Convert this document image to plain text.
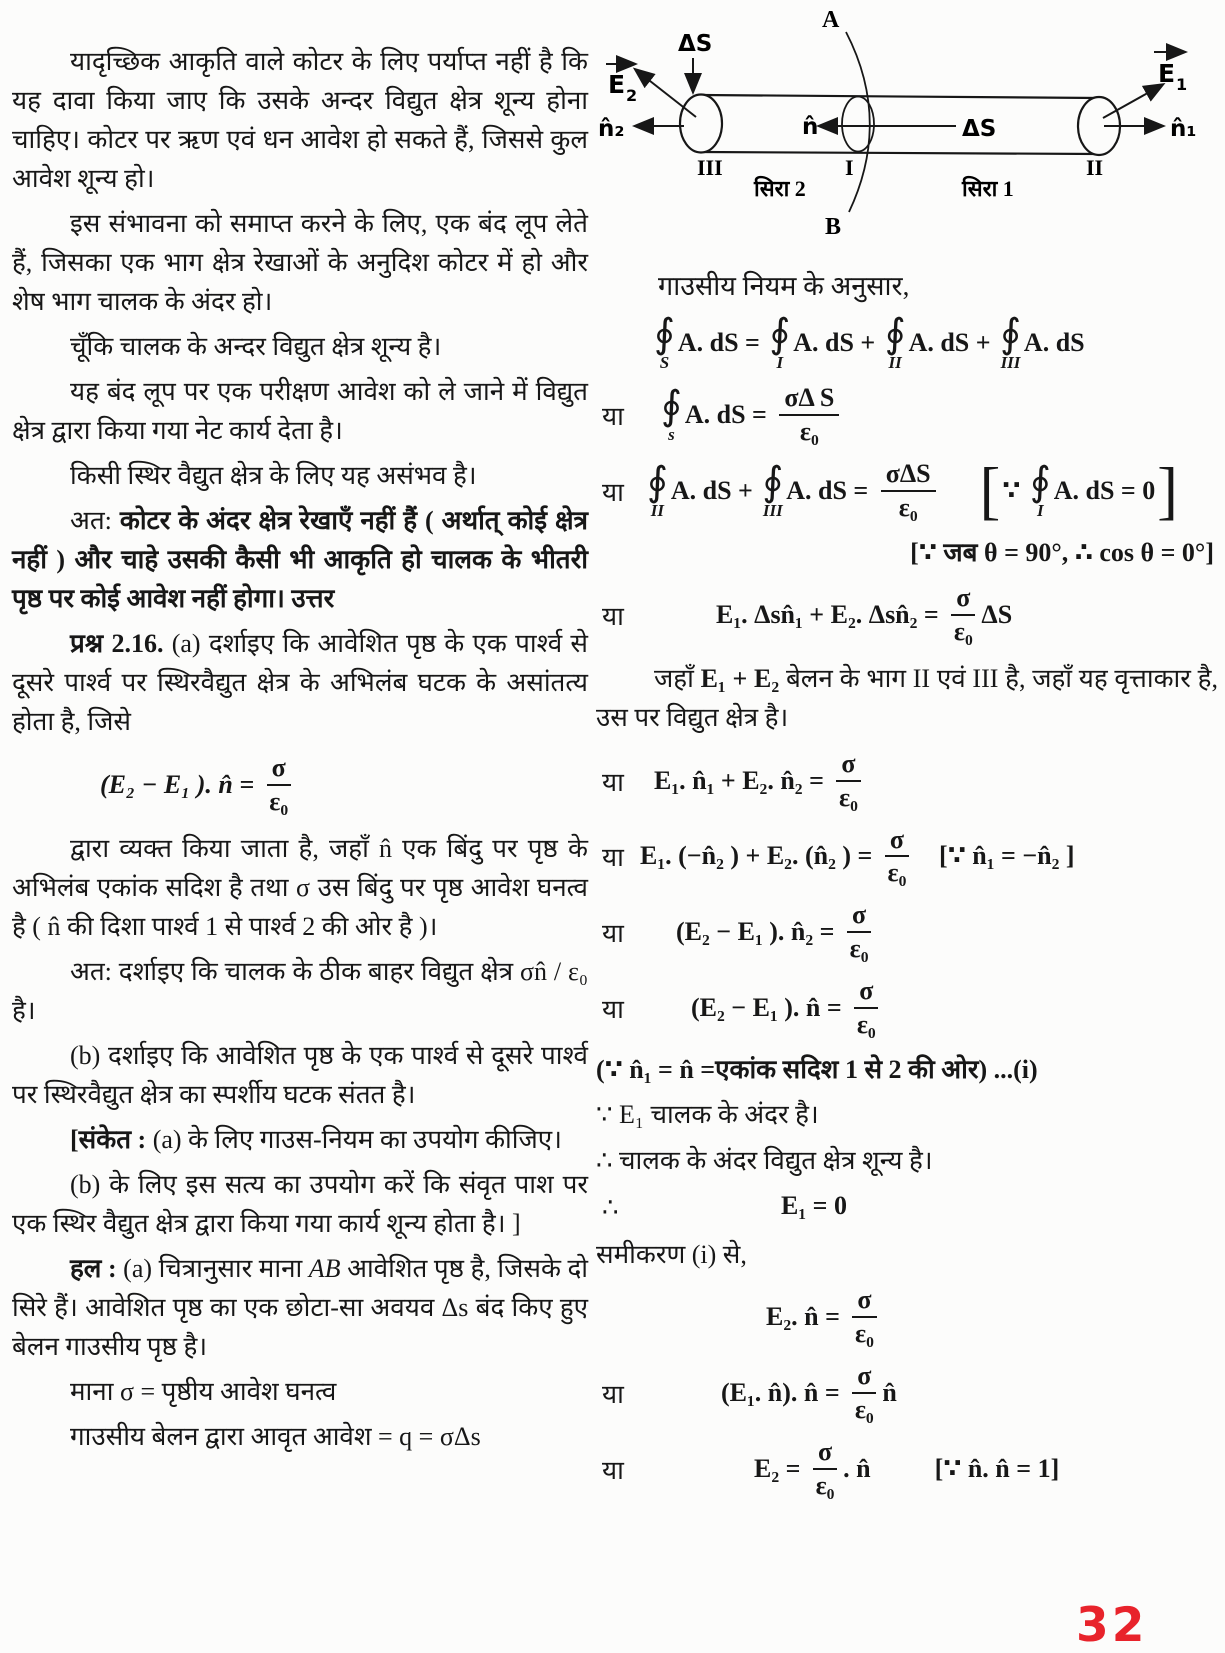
यादृच्छिक आकृति वाले कोटर के लिए पर्याप्त नहीं है कि यह दावा किया जाए कि उसके अन्दर विद्युत क्षेत्र शून्य होना चाहिए। कोटर पर ऋण एवं धन आवेश हो सकते हैं, जिससे कुल आवेश शून्य हो।
इस संभावना को समाप्त करने के लिए, एक बंद लूप लेते हैं, जिसका एक भाग क्षेत्र रेखाओं के अनुदिश कोटर में हो और शेष भाग चालक के अंदर हो।
चूँकि चालक के अन्दर विद्युत क्षेत्र शून्य है।
यह बंद लूप पर एक परीक्षण आवेश को ले जाने में विद्युत क्षेत्र द्वारा किया गया नेट कार्य देता है।
किसी स्थिर वैद्युत क्षेत्र के लिए यह असंभव है।
अत: कोटर के अंदर क्षेत्र रेखाएँ नहीं हैं ( अर्थात् कोई क्षेत्र नहीं ) और चाहे उसकी कैसी भी आकृति हो चालक के भीतरी पृष्ठ पर कोई आवेश नहीं होगा। उत्तर
प्रश्न 2.16. (a) दर्शाइए कि आवेशित पृष्ठ के एक पार्श्व से दूसरे पार्श्व पर स्थिरवैद्युत क्षेत्र के अभिलंब घटक के असांतत्य होता है, जिसे
(E₂ − E₁ ). n̂ = $\frac{\sigma}{\text{ε₀}}$
द्वारा व्यक्त किया जाता है, जहाँ n̂ एक बिंदु पर पृष्ठ के अभिलंब एकांक सदिश है तथा σ उस बिंदु पर पृष्ठ आवेश घनत्व है ( n̂ की दिशा पार्श्व 1 से पार्श्व 2 की ओर है )।
अत: दर्शाइए कि चालक के ठीक बाहर विद्युत क्षेत्र σn̂ / ε₀ है।
(b) दर्शाइए कि आवेशित पृष्ठ के एक पार्श्व से दूसरे पार्श्व पर स्थिरवैद्युत क्षेत्र का स्पर्शीय घटक संतत है।
[संकेत : (a) के लिए गाउस-नियम का उपयोग कीजिए।
(b) के लिए इस सत्य का उपयोग करें कि संवृत पाश पर एक स्थिर वैद्युत क्षेत्र द्वारा किया गया कार्य शून्य होता है। ]
हल : (a) चित्रानुसार माना AB आवेशित पृष्ठ है, जिसके दो सिरे हैं। आवेशित पृष्ठ का एक छोटा-सा अवयव Δs बंद किए हुए बेलन गाउसीय पृष्ठ है।
माना σ = पृष्ठीय आवेश घनत्व
गाउसीय बेलन द्वारा आवृत आवेश = q = σΔs
A
B
ΔS
E 2
n̂₂	n̂	ΔS
III	I	II
सिरा 2	सिरा 1
E 1
n̂₁
गाउसीय नियम के अनुसार,
∮
S
A. dS = ∮
I
A. dS + ∮
II
A. dS + ∮
III
A. dS
या ∮
s
A. dS = $\frac{\text{σΔ S}}{\text{ε₀}}$
या ∮
II
A. dS + ∮
III
A. dS = $\frac{\text{σΔS}}{\text{ε₀}}$ [ ∵ ∮
I
A. dS = 0 ]
[∵ जब θ = 90°, ∴ cos θ = 0°]
या	E₁. Δsn̂₁ + E₂. Δsn̂₂ = $\frac{\sigma}{\text{ε₀}}$ ΔS
जहाँ E₁ + E₂ बेलन के भाग II एवं III है, जहाँ यह वृत्ताकार है, उस पर विद्युत क्षेत्र है।
या E₁. n̂₁ + E₂. n̂₂ = $\frac{\sigma}{\text{ε₀}}$
या E₁. (−n̂₂ ) + E₂. (n̂₂ ) = $\frac{\sigma}{\text{ε₀}}$ [∵ n̂₁ = −n̂₂ ]
या (E₂ − E₁ ). n̂₂ = $\frac{\sigma}{\text{ε₀}}$
या	(E₂ − E₁ ). n̂ = $\frac{\sigma}{\text{ε₀}}$
(∵ n̂₁ = n̂ =एकांक सदिश 1 से 2 की ओर) ...(i)
∵ E₁ चालक के अंदर है।
∴ चालक के अंदर विद्युत क्षेत्र शून्य है।
∴	E₁ = 0
समीकरण (i) से,
E₂. n̂ = $\frac{\sigma}{\text{ε₀}}$
या	(E₁. n̂). n̂ = $\frac{\sigma}{\text{ε₀}}$ n̂
या	$E_2 = \frac{\sigma}{\text{ε₀}}$ . n̂ [∵ n̂. n̂ = 1]
32
